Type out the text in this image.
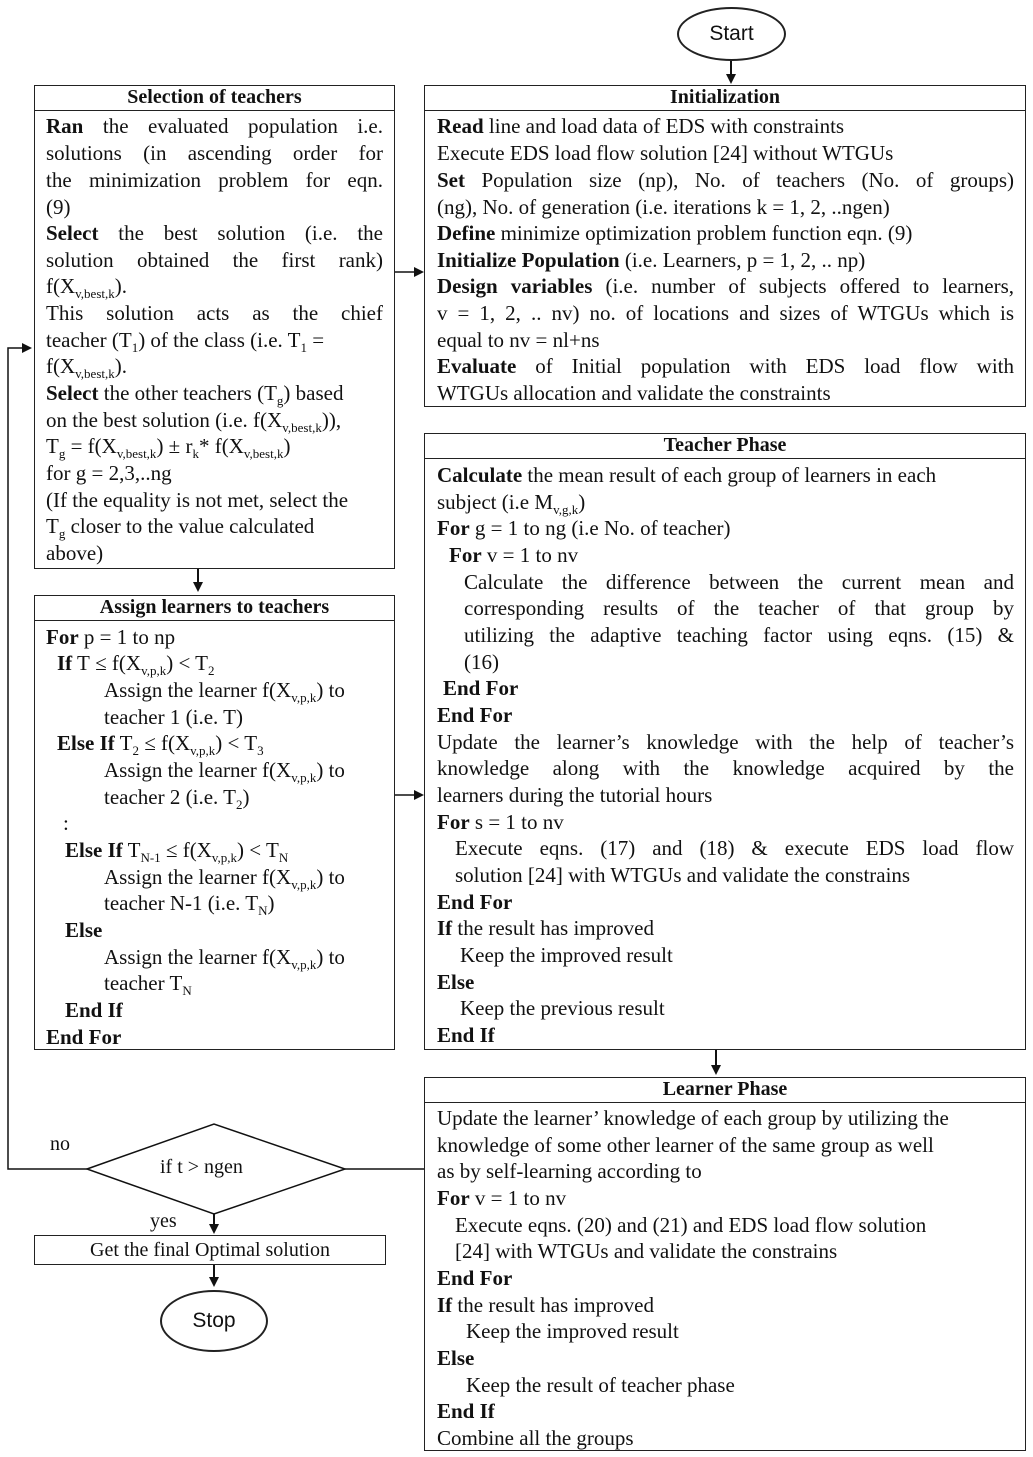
Start
Stop
if t > ngen
no
yes
Get the final Optimal solution
Selection of teachers
Ran the evaluated population i.e.
solutions (in ascending order for
the minimization problem for eqn.
(9)
Select the best solution (i.e. the
solution obtained the first rank)
$f(X_{v,best,k})$.
This solution acts as the chief
teacher $(T_1)$ of the class (i.e. $T_1$ =
$f(X_{v,best,k})$.
Select the other teachers $(T_g)$ based
on the best solution (i.e. $f(X_{v,best,k})$),
$T_g = f(X_{v,best,k}) \pm r_k*$ $f(X_{v,best,k})$
for g = 2,3,..ng
(If the equality is not met, select the
$T_g$ closer to the value calculated
above)
Assign learners to teachers
For p = 1 to np
If $T \le f(X_{v,p,k}) < T_2$
Assign the learner $f(X_{v,p,k})$ to
teacher 1 (i.e. T)
Else If $T_2 \le f(X_{v,p,k}) < T_3$
Assign the learner $f(X_{v,p,k})$ to
teacher 2 (i.e. $T_2$)
:
Else If $T_{N-1} \le f(X_{v,p,k}) < T_N$
Assign the learner $f(X_{v,p,k})$ to
teacher N-1 (i.e. $T_N$)
Else
Assign the learner $f(X_{v,p,k})$ to
teacher $T_N$
End If
End For
Initialization
Read line and load data of EDS with constraints
Execute EDS load flow solution [24] without WTGUs
Set Population size (np), No. of teachers (No. of groups)
(ng), No. of generation (i.e. iterations k = 1, 2, ..ngen)
Define minimize optimization problem function eqn. (9)
Initialize Population (i.e. Learners, p = 1, 2, .. np)
Design variables (i.e. number of subjects offered to learners,
v = 1, 2, .. nv) no. of locations and sizes of WTGUs which is
equal to nv = nl+ns
Evaluate of Initial population with EDS load flow with
WTGUs allocation and validate the constraints
Teacher Phase
Calculate the mean result of each group of learners in each
subject (i.e $M_{v,g,k}$)
For g = 1 to ng (i.e No. of teacher)
For v = 1 to nv
Calculate the difference between the current mean and
corresponding results of the teacher of that group by
utilizing the adaptive teaching factor using eqns. (15) &
(16)
End For
End For
Update the learner’s knowledge with the help of teacher’s
knowledge along with the knowledge acquired by the
learners during the tutorial hours
For s = 1 to nv
Execute eqns. (17) and (18) & execute EDS load flow
solution [24] with WTGUs and validate the constrains
End For
If the result has improved
Keep the improved result
Else
Keep the previous result
End If
Learner Phase
Update the learner’ knowledge of each group by utilizing the
knowledge of some other learner of the same group as well
as by self-learning according to
For v = 1 to nv
Execute eqns. (20) and (21) and EDS load flow solution
[24] with WTGUs and validate the constrains
End For
If the result has improved
Keep the improved result
Else
Keep the result of teacher phase
End If
Combine all the groups
